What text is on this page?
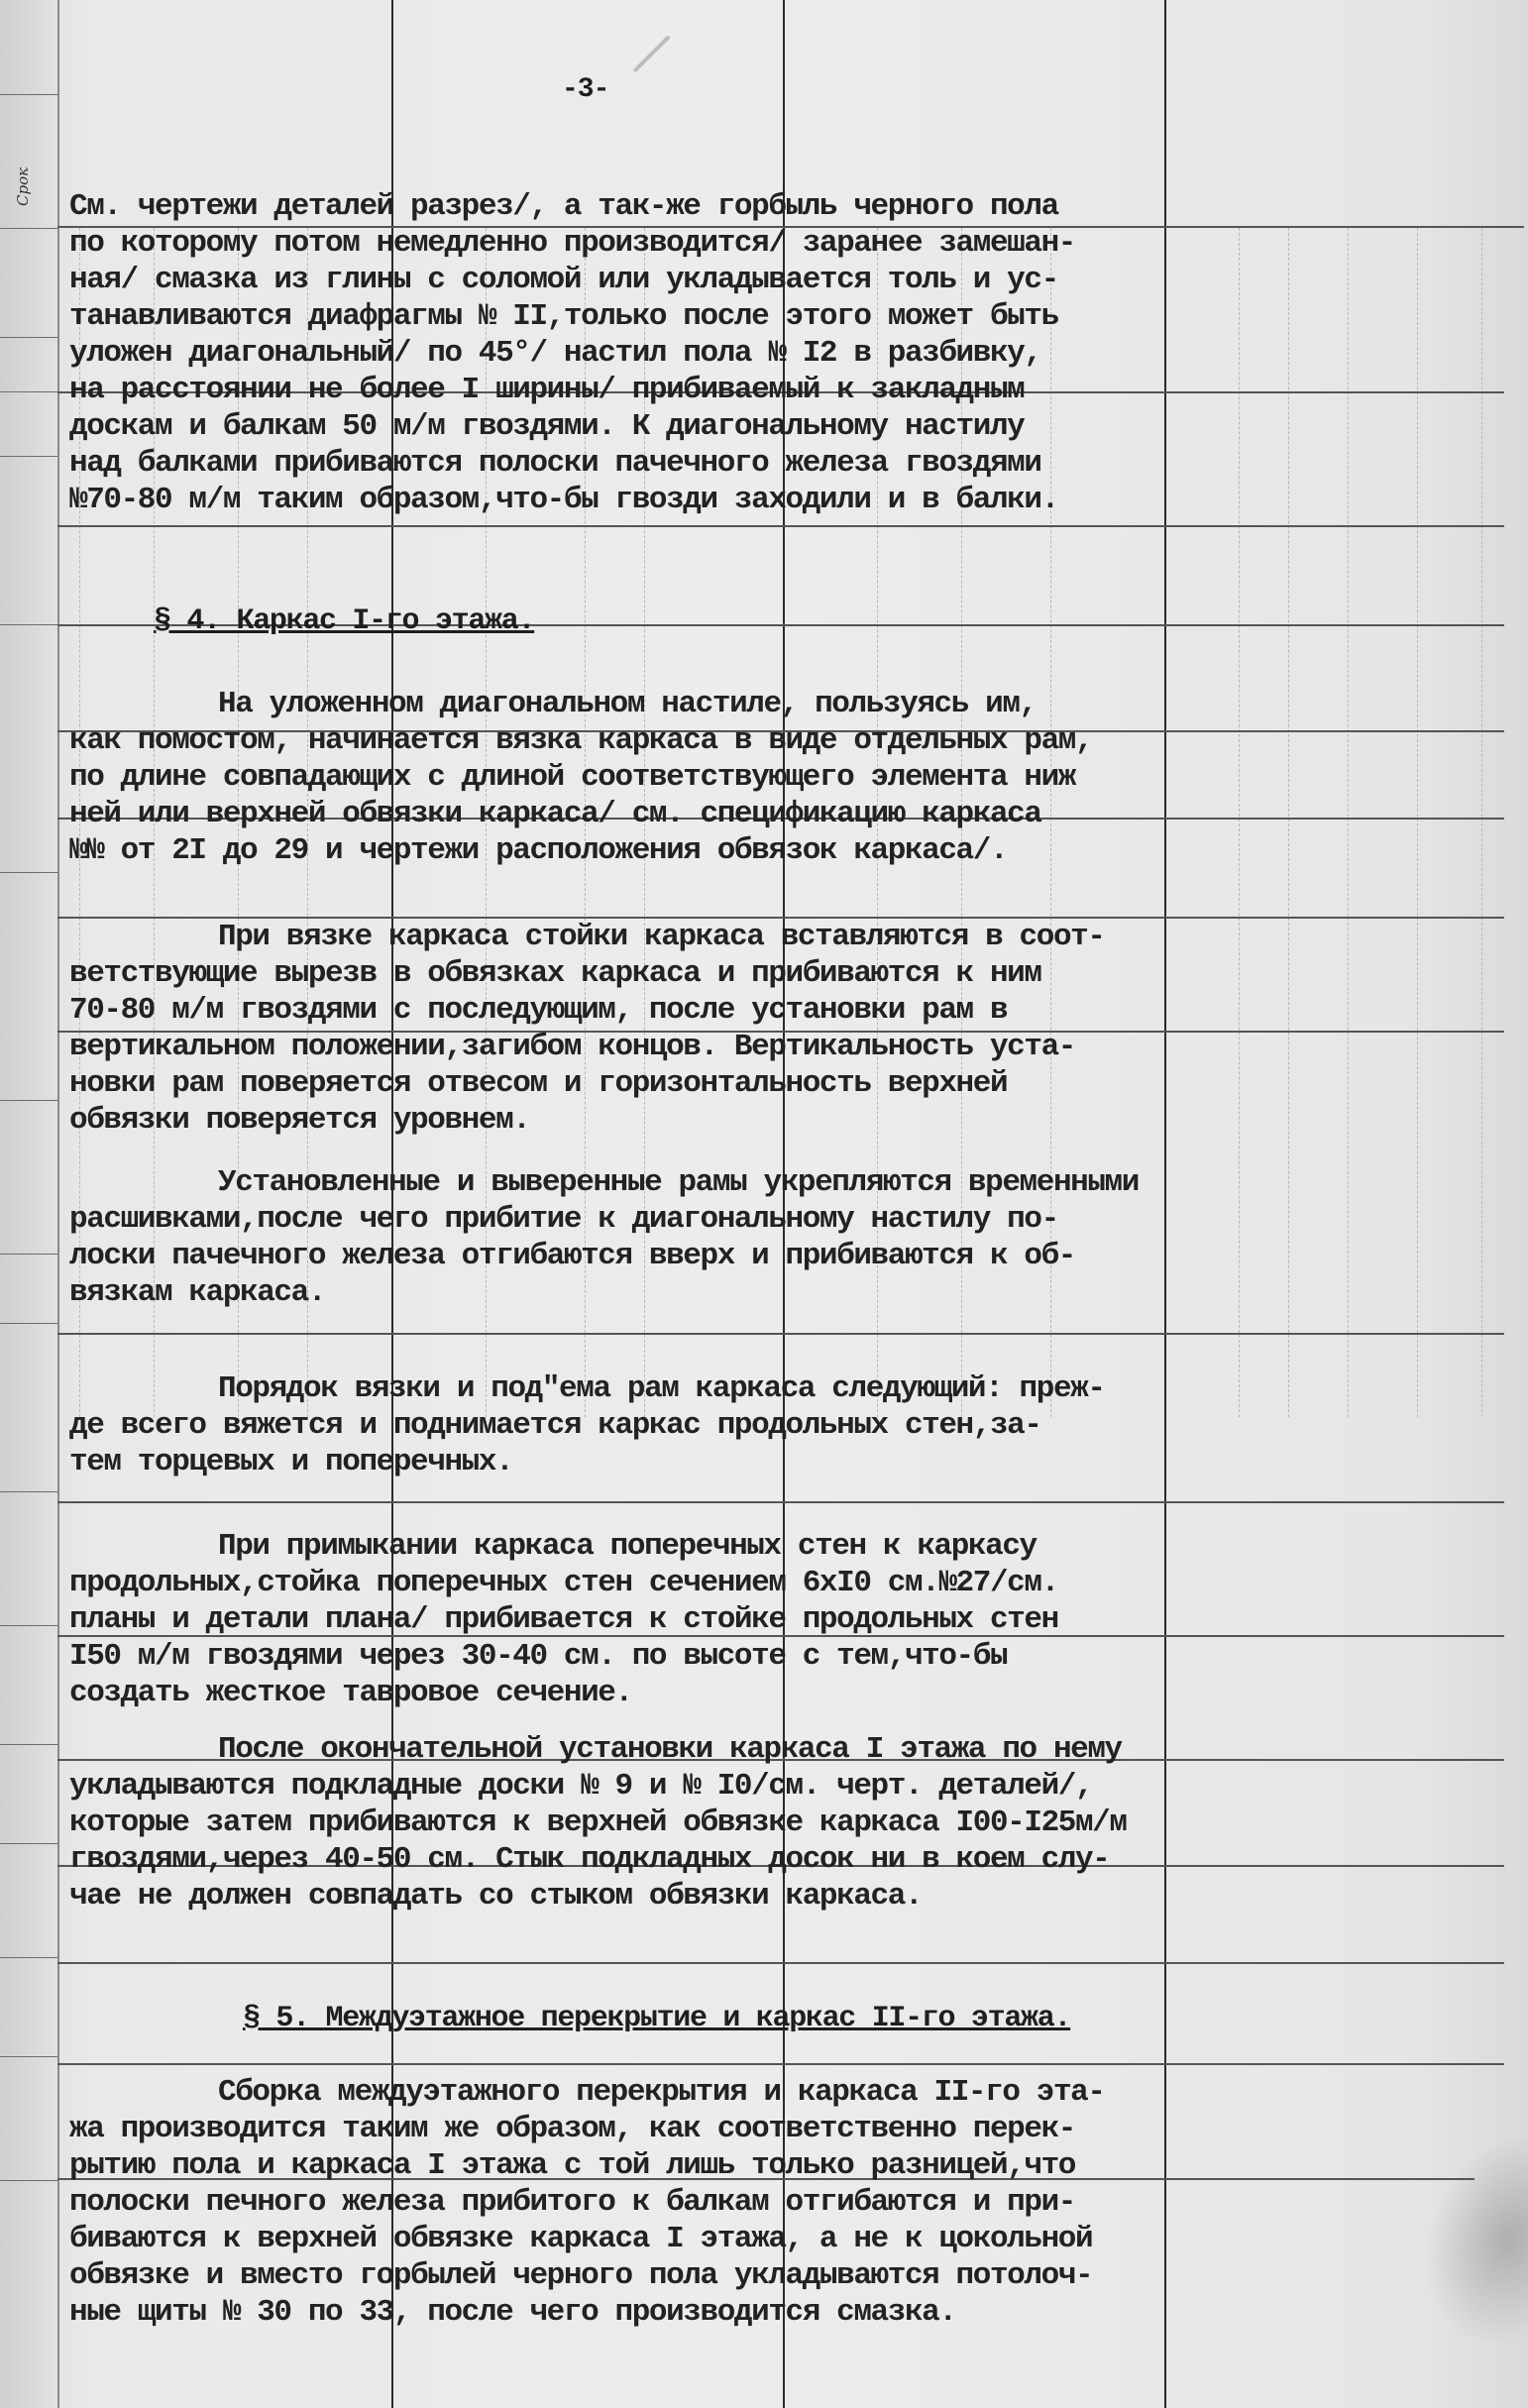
Срок
-3-
См. чертежи деталей разрез/, а так-же горбыль черного пола
по которому потом немедленно производится/ заранее замешан-
ная/ смазка из глины с соломой или укладывается толь и ус-
танавливаются диафрагмы № II,только после этого может быть
уложен диагональный/ по 45°/ настил пола № I2 в разбивку,
на расстоянии не более I ширины/ прибиваемый к закладным
доскам и балкам 50 м/м гвоздями. К диагональному настилу
над балками прибиваются полоски пачечного железа гвоздями
№70-80 м/м таким образом,что-бы гвозди заходили и в балки.
§ 4. Каркас I-го этажа.
На уложенном диагональном настиле, пользуясь им,
как помостом, начинается вязка каркаса в виде отдельных рам,
по длине совпадающих с длиной соответствующего элемента ниж
ней или верхней обвязки каркаса/ см. спецификацию каркаса
№№ от 2I до 29 и чертежи расположения обвязок каркаса/.
При вязке каркаса стойки каркаса вставляются в соот-
ветствующие вырезв в обвязках каркаса и прибиваются к ним
70-80 м/м гвоздями с последующим, после установки рам в
вертикальном положении,загибом концов. Вертикальность уста-
новки рам поверяется отвесом и горизонтальность верхней
обвязки поверяется уровнем.
Установленные и выверенные рамы укрепляются временными
расшивками,после чего прибитие к диагональному настилу по-
лоски пачечного железа отгибаются вверх и прибиваются к об-
вязкам каркаса.
Порядок вязки и под"ема рам каркаса следующий: преж-
де всего вяжется и поднимается каркас продольных стен,за-
тем торцевых и поперечных.
При примыкании каркаса поперечных стен к каркасу
продольных,стойка поперечных стен сечением 6xI0 см.№27/см.
планы и детали плана/ прибивается к стойке продольных стен
I50 м/м гвоздями через 30-40 см. по высоте с тем,что-бы
создать жесткое тавровое сечение.
После окончательной установки каркаса I этажа по нему
укладываются подкладные доски № 9 и № I0/см. черт. деталей/,
которые затем прибиваются к верхней обвязке каркаса I00-I25м/м
гвоздями,через 40-50 см. Стык подкладных досок ни в коем слу-
чае не должен совпадать со стыком обвязки каркаса.
§ 5. Междуэтажное перекрытие и каркас II-го этажа.
Сборка междуэтажного перекрытия и каркаса II-го эта-
жа производится таким же образом, как соответственно перек-
рытию пола и каркаса I этажа с той лишь только разницей,что
полоски печного железа прибитого к балкам отгибаются и при-
биваются к верхней обвязке каркаса I этажа, а не к цокольной
обвязке и вместо горбылей черного пола укладываются потолоч-
ные щиты № 30 по 33, после чего производится смазка.
